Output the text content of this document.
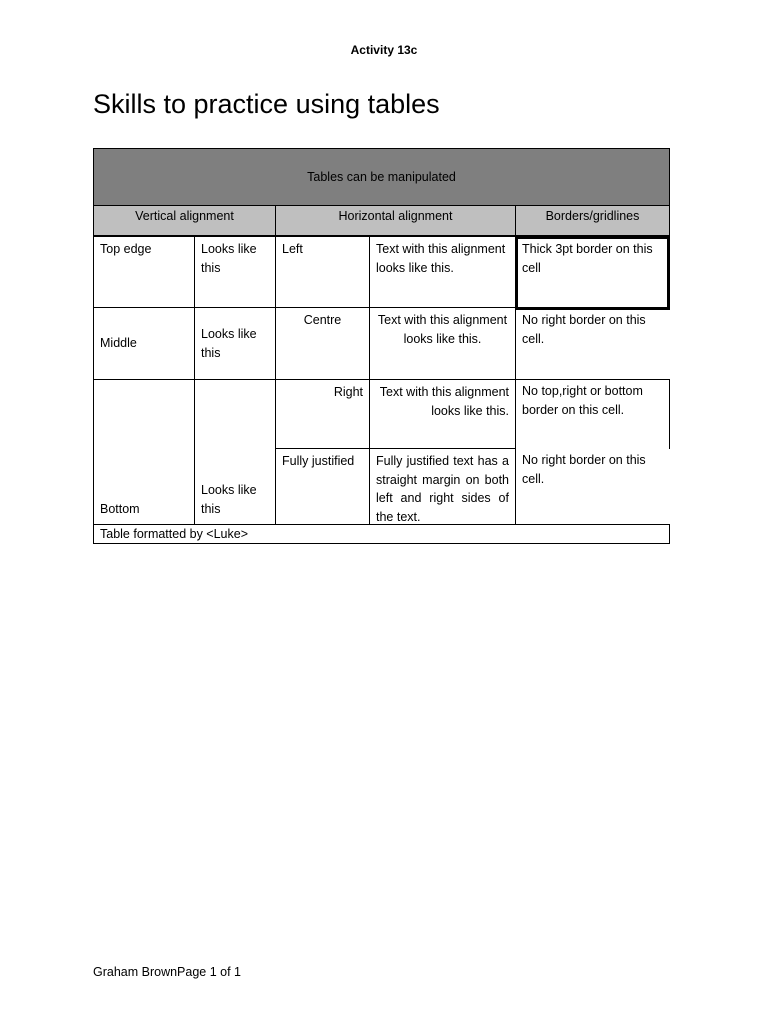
Activity 13c
Skills to practice using tables
Tables can be manipulated
Vertical alignment	Horizontal alignment	Borders/gridlines
Top edge
Middle
Bottom
Looks like this
Looks like this
Looks like this
Left
Centre
Right
Fully justified
Text with this alignment looks like this.
Text with this alignment looks like this.
Text with this alignment looks like this.
Fully justified text has a straight margin on both left and right sides of the text.
Thick 3pt border on this cell
No right border on this cell.
No top,right or bottom border on this cell.
No right border on this cell.
Table formatted by <Luke>
Graham BrownPage 1 of 1
